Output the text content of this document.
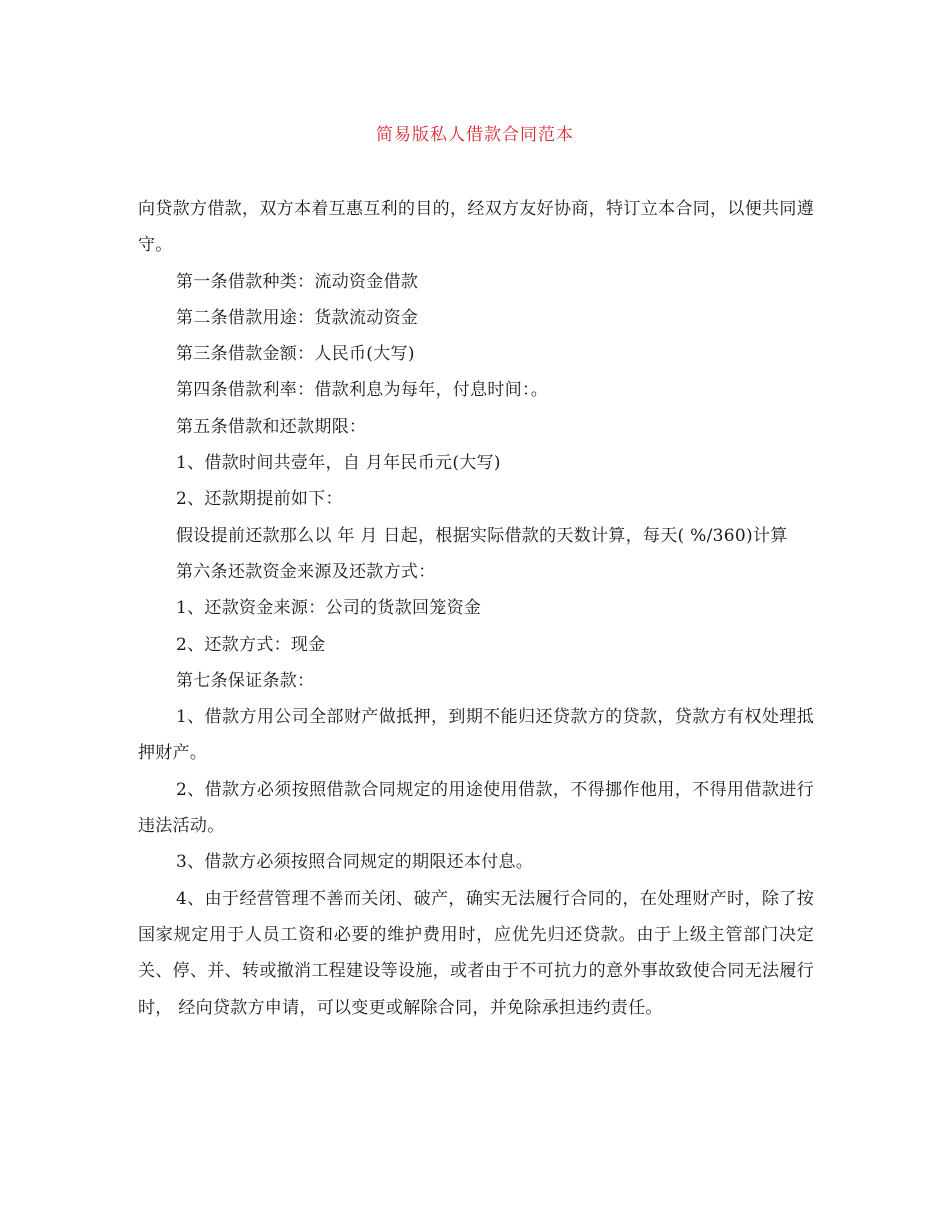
简易版私人借款合同范本

向贷款方借款，双方本着互惠互利的目的，经双方友好协商，特订立本合同，以便共同遵守。

第一条借款种类：流动资金借款

第二条借款用途：货款流动资金

第三条借款金额：人民币(大写)

第四条借款利率：借款利息为每年，付息时间：。

第五条借款和还款期限：

1、借款时间共壹年，自 月年民币元(大写)

2、还款期提前如下：

假设提前还款那么以 年 月 日起，根据实际借款的天数计算，每天( %/360)计算

第六条还款资金来源及还款方式：

1、还款资金来源：公司的货款回笼资金

2、还款方式：现金

第七条保证条款：

1、借款方用公司全部财产做抵押，到期不能归还贷款方的贷款，贷款方有权处理抵押财产。

2、借款方必须按照借款合同规定的用途使用借款，不得挪作他用，不得用借款进行违法活动。

3、借款方必须按照合同规定的期限还本付息。

4、由于经营管理不善而关闭、破产，确实无法履行合同的，在处理财产时，除了按国家规定用于人员工资和必要的维护费用时，应优先归还贷款。由于上级主管部门决定关、停、并、转或撤消工程建设等设施，或者由于不可抗力的意外事故致使合同无法履行时， 经向贷款方申请，可以变更或解除合同，并免除承担违约责任。
